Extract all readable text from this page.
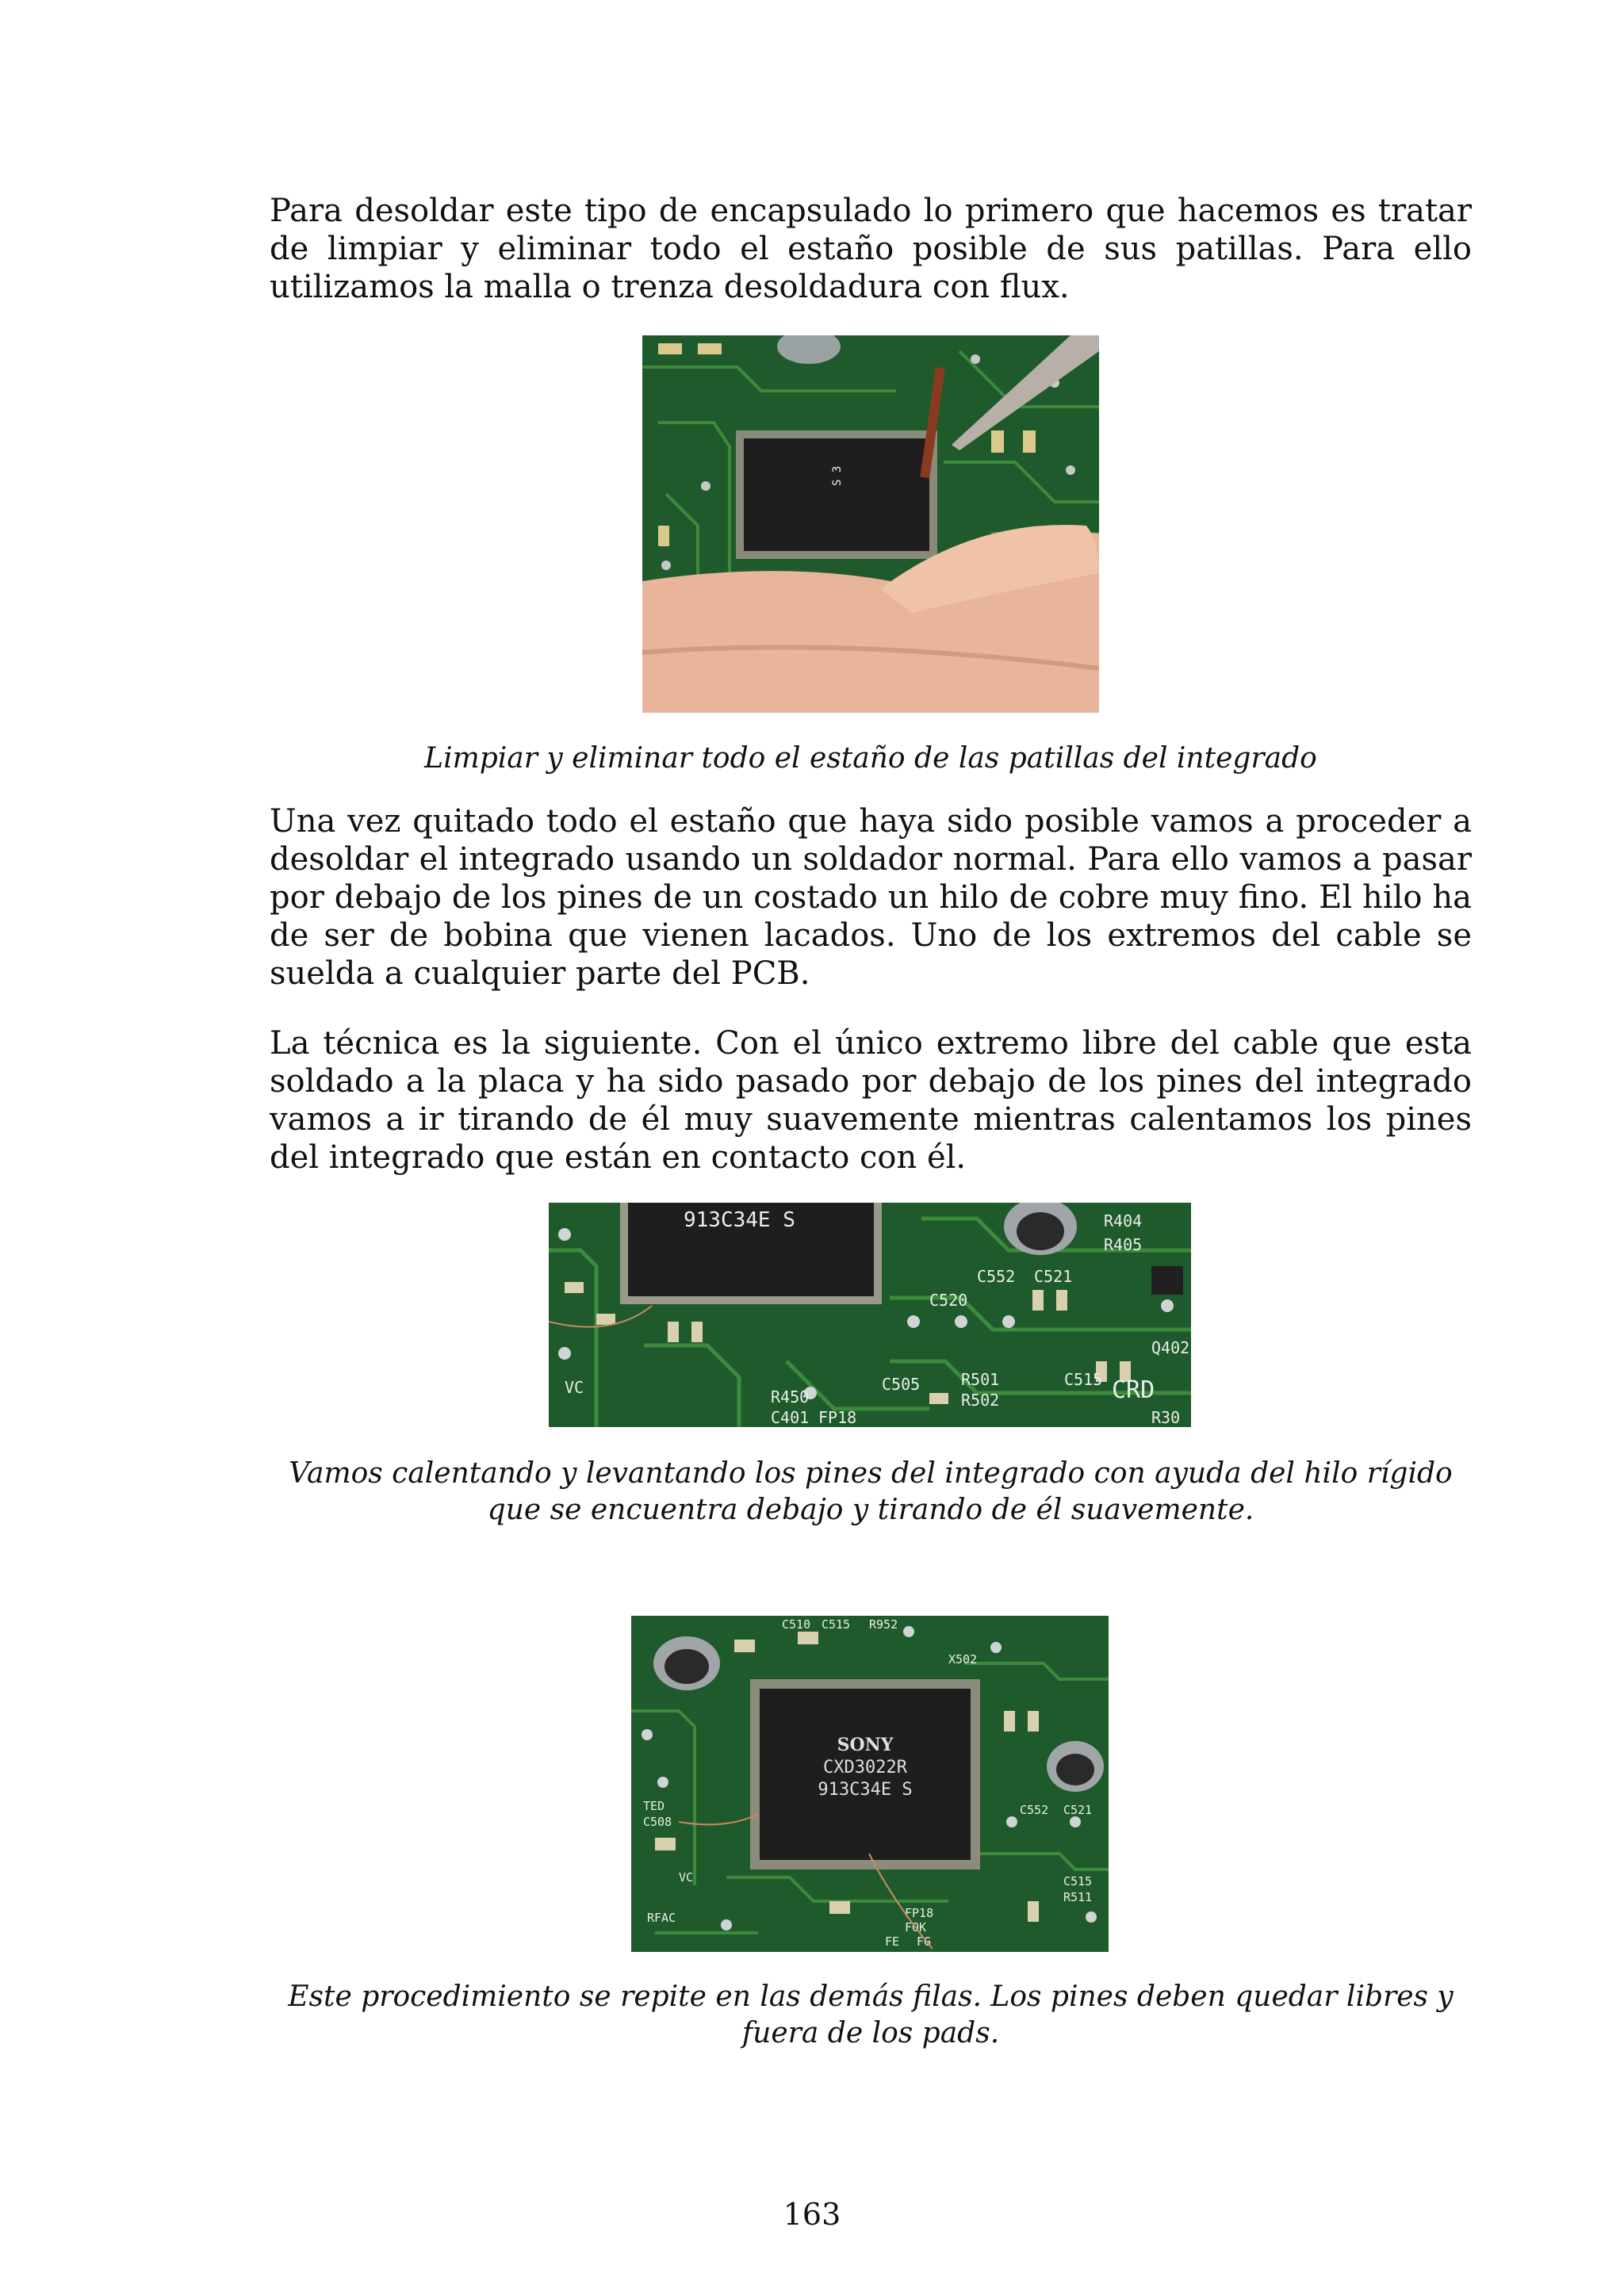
Para desoldar este tipo de encapsulado lo primero que hacemos es tratar de limpiar y eliminar todo el estaño posible de sus patillas. Para ello utilizamos la malla o trenza desoldadura con flux.

S 3

Limpiar y eliminar todo el estaño de las patillas del integrado

Una vez quitado todo el estaño que haya sido posible vamos a proceder a desoldar el integrado usando un soldador normal. Para ello vamos a pasar por debajo de los pines de un costado un hilo de cobre muy fino. El hilo ha de ser de bobina que vienen lacados. Uno de los extremos del cable se suelda a cualquier parte del PCB.

La técnica es la siguiente. Con el único extremo libre del cable que esta soldado a la placa y ha sido pasado por debajo de los pines del integrado vamos a ir tirando de él muy suavemente mientras calentamos los pines del integrado que están en contacto con él.

913C34E S
C552 C521
C520
R404
R405
Q402
CRD
R501
R502
C505
R450
C401 FP18
C515
R30
VC

Vamos calentando y levantando los pines del integrado con ayuda del hilo rígido que se encuentra debajo y tirando de él suavemente.

SONY
CXD3022R
913C34E S
C510 C515 R952
X502
C552 C521
RFAC	FP18
FOK
FE FG
C515
R511
TED
C508
VC

Este procedimiento se repite en las demás filas. Los pines deben quedar libres y fuera de los pads.

163
